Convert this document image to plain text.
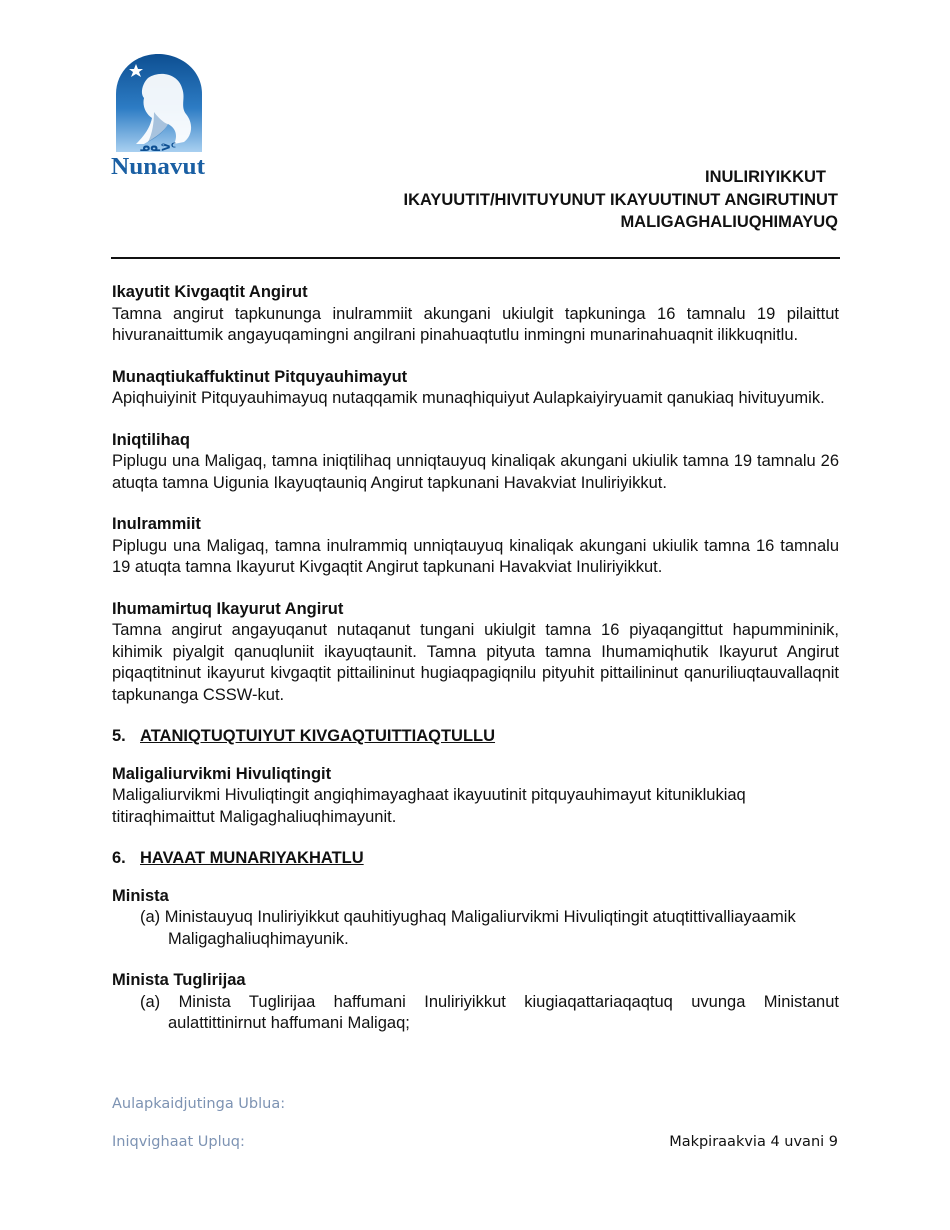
ᓄᓇᕗᑦ
Nunavut	INULIRIYIKKUT
IKAYUUTIT/HIVITUYUNUT IKAYUUTINUT ANGIRUTINUT
MALIGAGHALIUQHIMAYUQ
Ikayutit Kivgaqtit Angirut
Tamna angirut tapkununga inulrammiit akungani ukiulgit tapkuninga 16 tamnalu 19 pilaittut hivuranaittumik angayuqamingni angilrani pinahuaqtutlu inmingni munarinahuaqnit ilikkuqnitlu.
Munaqtiukaffuktinut Pitquyauhimayut
Apiqhuiyinit Pitquyauhimayuq nutaqqamik munaqhiquiyut Aulapkaiyiryuamit qanukiaq hivituyumik.
Iniqtilihaq
Piplugu una Maligaq, tamna iniqtilihaq unniqtauyuq kinaliqak akungani ukiulik tamna 19 tamnalu 26 atuqta tamna Uigunia Ikayuqtauniq Angirut tapkunani Havakviat Inuliriyikkut.
Inulrammiit
Piplugu una Maligaq, tamna inulrammiq unniqtauyuq kinaliqak akungani ukiulik tamna 16 tamnalu 19 atuqta tamna Ikayurut Kivgaqtit Angirut tapkunani Havakviat Inuliriyikkut.
Ihumamirtuq Ikayurut Angirut
Tamna angirut angayuqanut nutaqanut tungani ukiulgit tamna 16 piyaqangittut hapummininik, kihimik piyalgit qanuqluniit ikayuqtaunit. Tamna pityuta tamna Ihumamiqhutik Ikayurut Angirut piqaqtitninut ikayurut kivgaqtit pittailininut hugiaqpagiqnilu pityuhit pittailininut qanuriliuqtauvallaqnit tapkunanga CSSW-kut.
5. ATANIQTUQTUIYUT KIVGAQTUITTIAQTULLU
Maligaliurvikmi Hivuliqtingit
Maligaliurvikmi Hivuliqtingit angiqhimayaghaat ikayuutinit pitquyauhimayut kituniklukiaq titiraqhimaittut Maligaghaliuqhimayunit.
6. HAVAAT MUNARIYAKHATLU
Minista
(a) Ministauyuq Inuliriyikkut qauhitiyughaq Maligaliurvikmi Hivuliqtingit atuqtittivalliayaamik Maligaghaliuqhimayunik.
Minista Tuglirijaa
(a) Minista Tuglirijaa haffumani Inuliriyikkut kiugiaqattariaqaqtuq uvunga Ministanut aulattittinirnut haffumani Maligaq;
Aulapkaidjutinga Ublua:
Iniqvighaat Upluq:	Makpiraakvia 4 uvani 9
